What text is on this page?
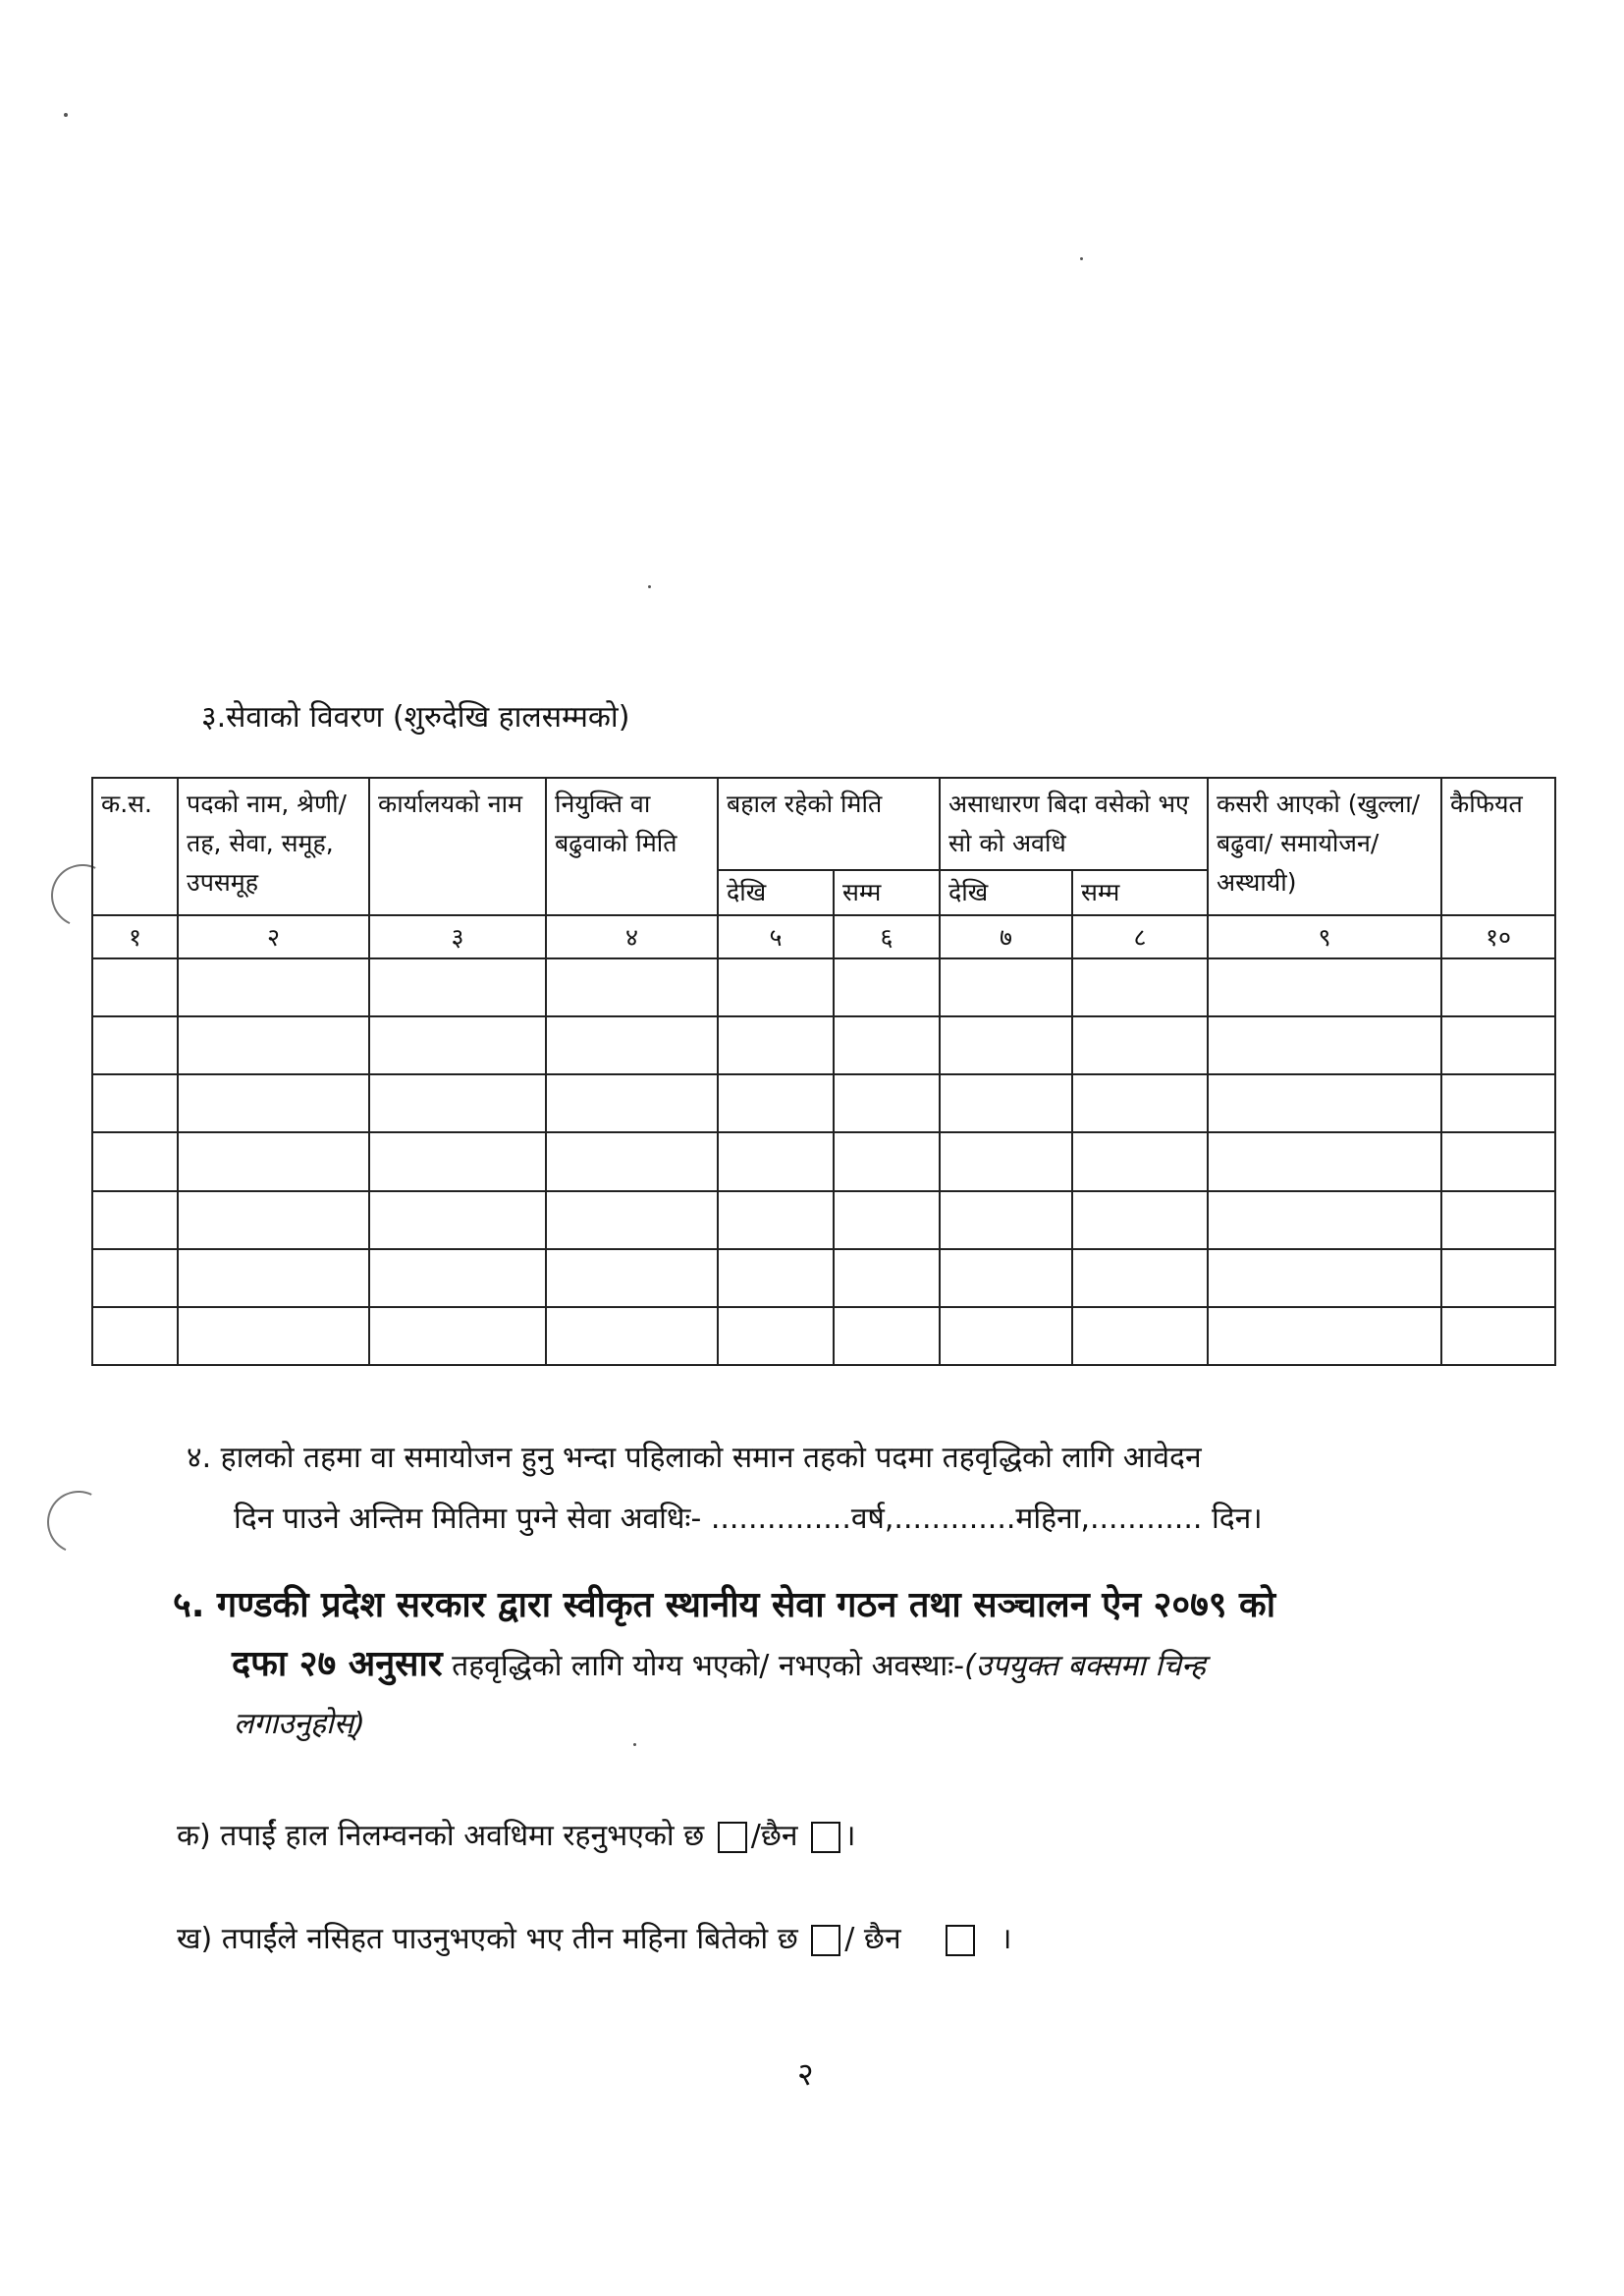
३.सेवाको विवरण (शुरुदेखि हालसम्मको)
क.स.	पदको नाम, श्रेणी/तह, सेवा, समूह, उपसमूह	कार्यालयको नाम	नियुक्ति वा बढुवाको मिति	बहाल रहेको मिति		असाधारण बिदा वसेको भए सो को अवधि		कसरी आएको (खुल्ला/ बढुवा/ समायोजन/अस्थायी)	कैफियत
				देखि	सम्म	देखि	सम्म		
१	२	३	४	५	६	७	८	९	१०

४. हालको तहमा वा समायोजन हुनु भन्दा पहिलाको समान तहको पदमा तहवृद्धिको लागि आवेदन
दिन पाउने अन्तिम मितिमा पुग्ने सेवा अवधिः- ...............वर्ष,.............महिना,............ दिन।
५. गण्डकी प्रदेश सरकार द्वारा स्वीकृत स्थानीय सेवा गठन तथा सञ्चालन ऐन २०७९ को
दफा २७ अनुसार तहवृद्धिको लागि योग्य भएको/ नभएको अवस्थाः-(उपयुक्त बक्समा चिन्ह
लगाउनुहोस्)
क) तपाईं हाल निलम्वनको अवधिमा रहनुभएको छ /छैन ।
ख) तपाईंले नसिहत पाउनुभएको भए तीन महिना बितेको छ / छैन	।
२
